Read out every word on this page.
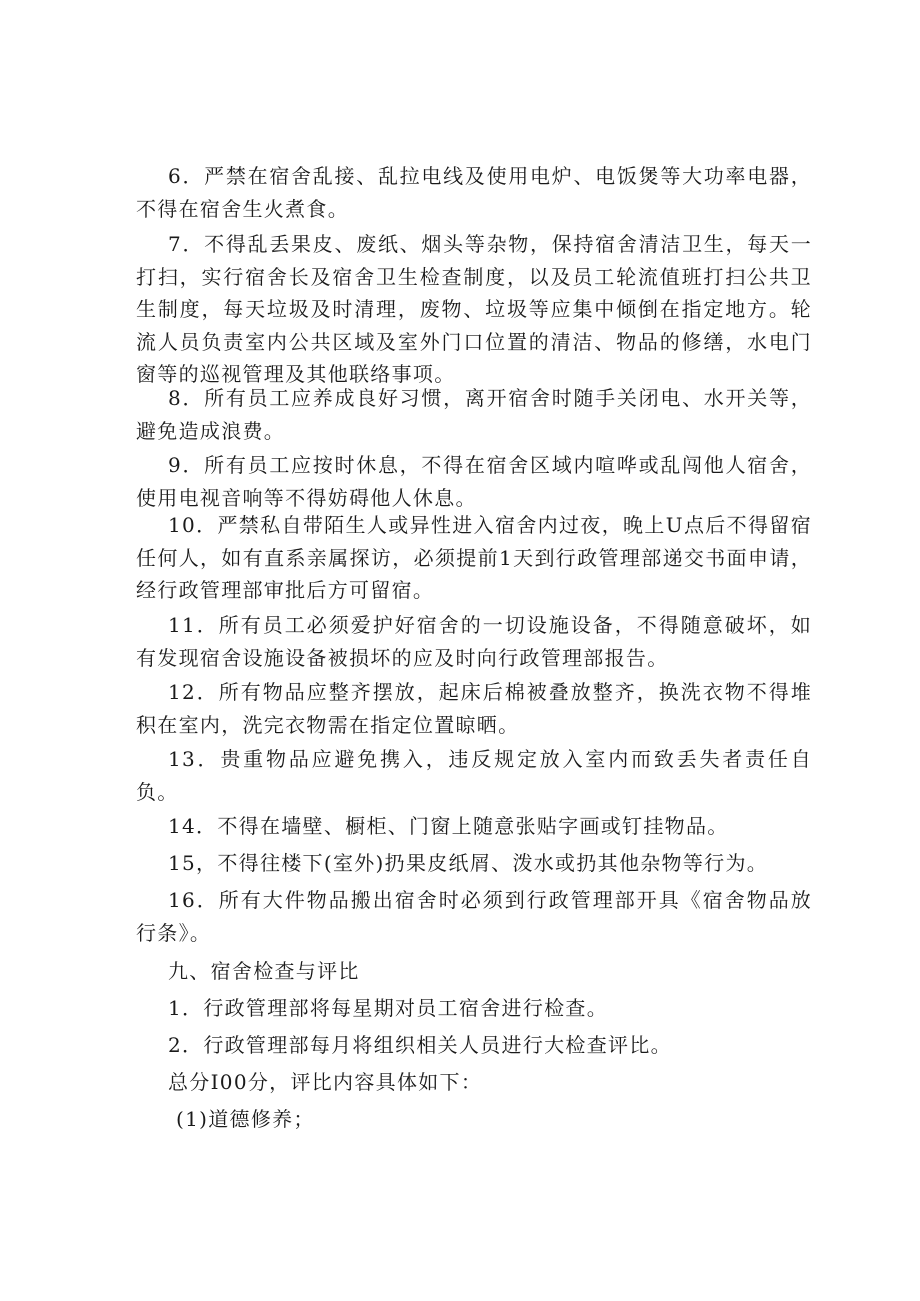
6．严禁在宿舍乱接、乱拉电线及使用电炉、电饭煲等大功率电器，不得在宿舍生火煮食。

7．不得乱丢果皮、废纸、烟头等杂物，保持宿舍清洁卫生，每天一打扫，实行宿舍长及宿舍卫生检查制度，以及员工轮流值班打扫公共卫生制度，每天垃圾及时清理，废物、垃圾等应集中倾倒在指定地方。轮流人员负责室内公共区域及室外门口位置的清洁、物品的修缮，水电门窗等的巡视管理及其他联络事项。

8．所有员工应养成良好习惯，离开宿舍时随手关闭电、水开关等，避免造成浪费。

9．所有员工应按时休息，不得在宿舍区域内喧哗或乱闯他人宿舍，使用电视音响等不得妨碍他人休息。

10．严禁私自带陌生人或异性进入宿舍内过夜，晚上U点后不得留宿任何人，如有直系亲属探访，必须提前1天到行政管理部递交书面申请，经行政管理部审批后方可留宿。

11．所有员工必须爱护好宿舍的一切设施设备，不得随意破坏，如有发现宿舍设施设备被损坏的应及时向行政管理部报告。

12．所有物品应整齐摆放，起床后棉被叠放整齐，换洗衣物不得堆积在室内，洗完衣物需在指定位置晾晒。

13．贵重物品应避免携入，违反规定放入室内而致丢失者责任自负。

14．不得在墙壁、橱柜、门窗上随意张贴字画或钉挂物品。

15，不得往楼下(室外)扔果皮纸屑、泼水或扔其他杂物等行为。

16．所有大件物品搬出宿舍时必须到行政管理部开具《宿舍物品放行条》。

九、宿舍检查与评比

1．行政管理部将每星期对员工宿舍进行检查。

2．行政管理部每月将组织相关人员进行大检查评比。

总分I00分，评比内容具体如下：

(1)道德修养；
